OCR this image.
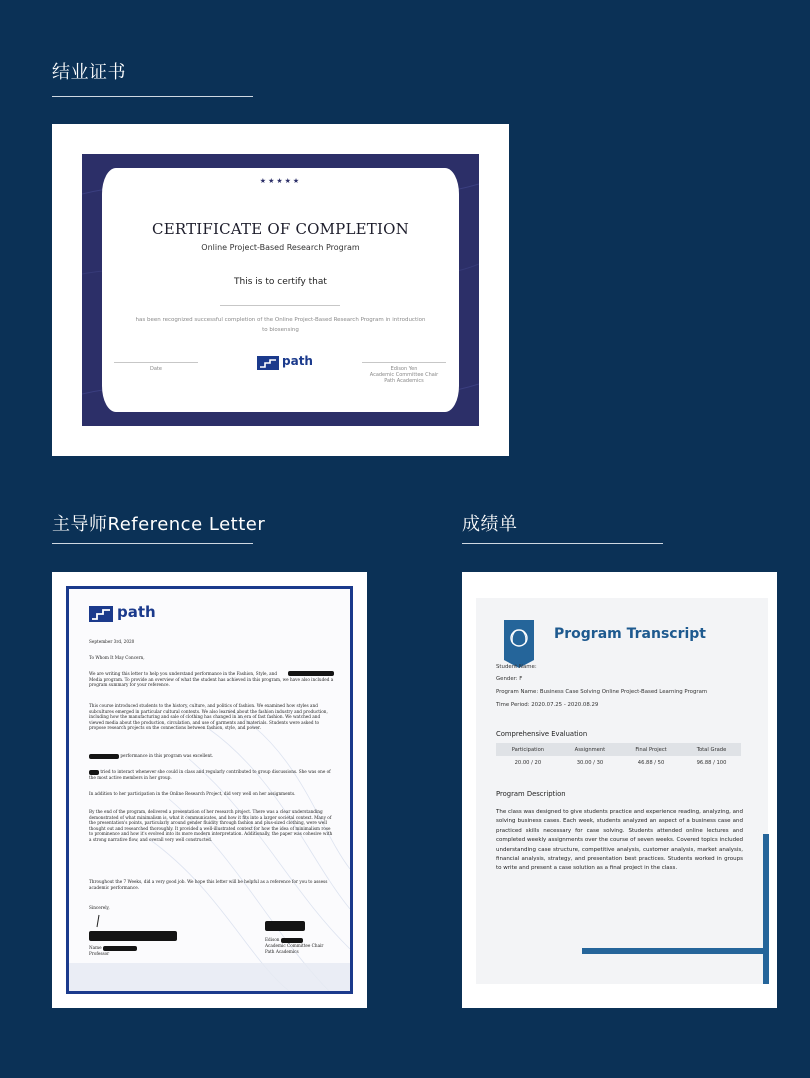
结业证书
主导师Reference Letter	成绩单
★★★★★
CERTIFICATE OF COMPLETION
Online Project-Based Research Program
This is to certify that
has been recognized successful completion of the Online Project-Based Research Program in introduction to biosensing
Date	Edison Yen
Academic Committee Chair
Path Academics
path
path
September 3rd, 2020
To Whom It May Concern,
We are writing this letter to help you understand performance in the Fashion, Style, and Media program. To provide an overview of what the student has achieved in this program, we have also included a program summary for your reference.
This course introduced students to the history, culture, and politics of fashion. We examined how styles and subcultures emerged in particular cultural contexts. We also learned about the fashion industry and production, including how the manufacturing and sale of clothing has changed in an era of fast fashion. We watched and viewed media about the production, circulation, and use of garments and materials. Students were asked to propose research projects on the connections between fashion, style, and power.
performance in this program was excellent.
tried to interact whenever she could in class and regularly contributed to group discussions. She was one of the most active members in her group.
In addition to her participation in the Online Research Project, did very well on her assignments.
By the end of the program, delivered a presentation of her research project. There was a clear understanding demonstrated of what minimalism is, what it communicates, and how it fits into a larger societal context. Many of the presentation's points, particularly around gender fluidity through fashion and plus-sized clothing, were well thought out and researched thoroughly. It provided a well-illustrated context for how the idea of minimalism rose to prominence and how it's evolved into its more modern interpretation. Additionally, the paper was cohesive with a strong narrative flow, and overall very well constructed.
Throughout the 7 Weeks, did a very good job. We hope this letter will be helpful as a reference for you to assess academic performance.
Sincerely,
Name
Professor
Edison
Academic Committee Chair
Path Academics
Program Transcript
Student Name:
Gender: F
Program Name: Business Case Solving Online Project-Based Learning Program
Time Period: 2020.07.25 - 2020.08.29
Comprehensive Evaluation
Participation	Assignment	Final Project	Total Grade
20.00 / 20	30.00 / 30	46.88 / 50	96.88 / 100
Program Description
The class was designed to give students practice and experience reading, analyzing, and solving business cases. Each week, students analyzed an aspect of a business case and practiced skills necessary for case solving. Students attended online lectures and completed weekly assignments over the course of seven weeks. Covered topics included understanding case structure, competitive analysis, customer analysis, market analysis, financial analysis, strategy, and presentation best practices. Students worked in groups to write and present a case solution as a final project in the class.
